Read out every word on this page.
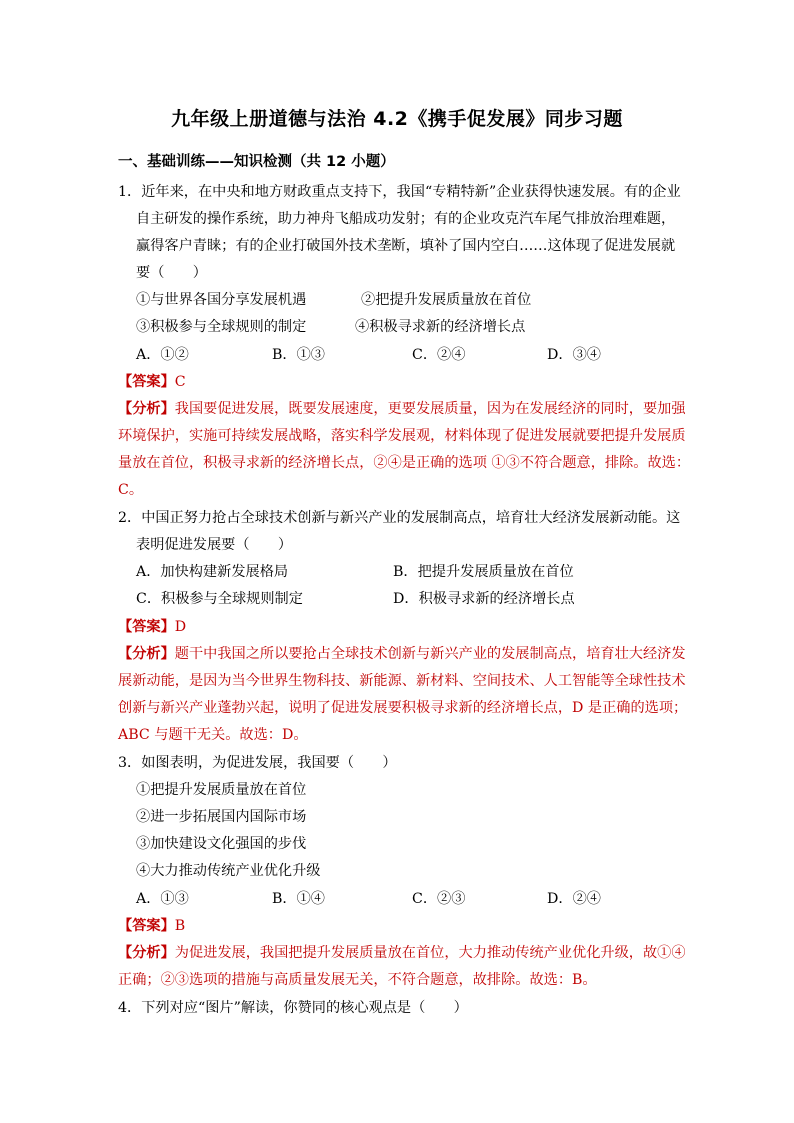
九年级上册道德与法治 4.2《携手促发展》同步习题
一、基础训练——知识检测（共 12 小题）
1．近年来，在中央和地方财政重点支持下，我国“专精特新”企业获得快速发展。有的企业
自主研发的操作系统，助力神舟飞船成功发射；有的企业攻克汽车尾气排放治理难题，
赢得客户青睐；有的企业打破国外技术垄断，填补了国内空白……这体现了促进发展就
要（　　）
①与世界各国分享发展机遇	②把提升发展质量放在首位
③积极参与全球规则的制定	④积极寻求新的经济增长点
A．①②	B．①③	C．②④	D．③④
【答案】C
【分析】我国要促进发展，既要发展速度，更要发展质量，因为在发展经济的同时，要加强
环境保护，实施可持续发展战略，落实科学发展观，材料体现了促进发展就要把提升发展质
量放在首位，积极寻求新的经济增长点，②④是正确的选项 ①③不符合题意，排除。故选：
C。
2．中国正努力抢占全球技术创新与新兴产业的发展制高点，培育壮大经济发展新动能。这
表明促进发展要（　　）
A．加快构建新发展格局	B．把提升发展质量放在首位
C．积极参与全球规则制定	D．积极寻求新的经济增长点
【答案】D
【分析】题干中我国之所以要抢占全球技术创新与新兴产业的发展制高点，培育壮大经济发
展新动能，是因为当今世界生物科技、新能源、新材料、空间技术、人工智能等全球性技术
创新与新兴产业蓬勃兴起，说明了促进发展要积极寻求新的经济增长点，D 是正确的选项；
ABC 与题干无关。故选：D。
3．如图表明，为促进发展，我国要（　　）
①把提升发展质量放在首位
②进一步拓展国内国际市场
③加快建设文化强国的步伐
④大力推动传统产业优化升级
A．①③	B．①④	C．②③	D．②④
【答案】B
【分析】为促进发展，我国把提升发展质量放在首位，大力推动传统产业优化升级，故①④
正确；②③选项的措施与高质量发展无关，不符合题意，故排除。故选：B。
4．下列对应“图片”解读，你赞同的核心观点是（　　）
